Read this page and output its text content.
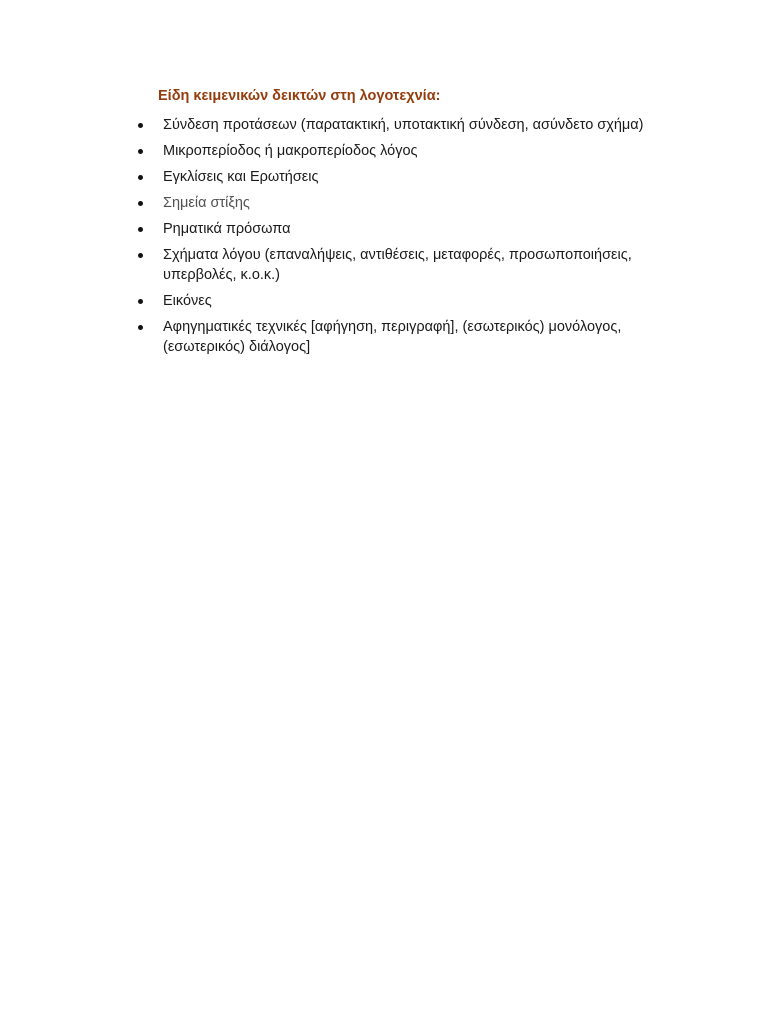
Είδη κειμενικών δεικτών στη λογοτεχνία:
Σύνδεση προτάσεων (παρατακτική, υποτακτική σύνδεση, ασύνδετο σχήμα)
Μικροπερίοδος ή μακροπερίοδος λόγος
Εγκλίσεις και Ερωτήσεις
Σημεία στίξης
Ρηματικά πρόσωπα
Σχήματα λόγου (επαναλήψεις, αντιθέσεις, μεταφορές, προσωποποιήσεις, υπερβολές, κ.ο.κ.)
Εικόνες
Αφηγηματικές τεχνικές [αφήγηση, περιγραφή], (εσωτερικός) μονόλογος, (εσωτερικός) διάλογος]
